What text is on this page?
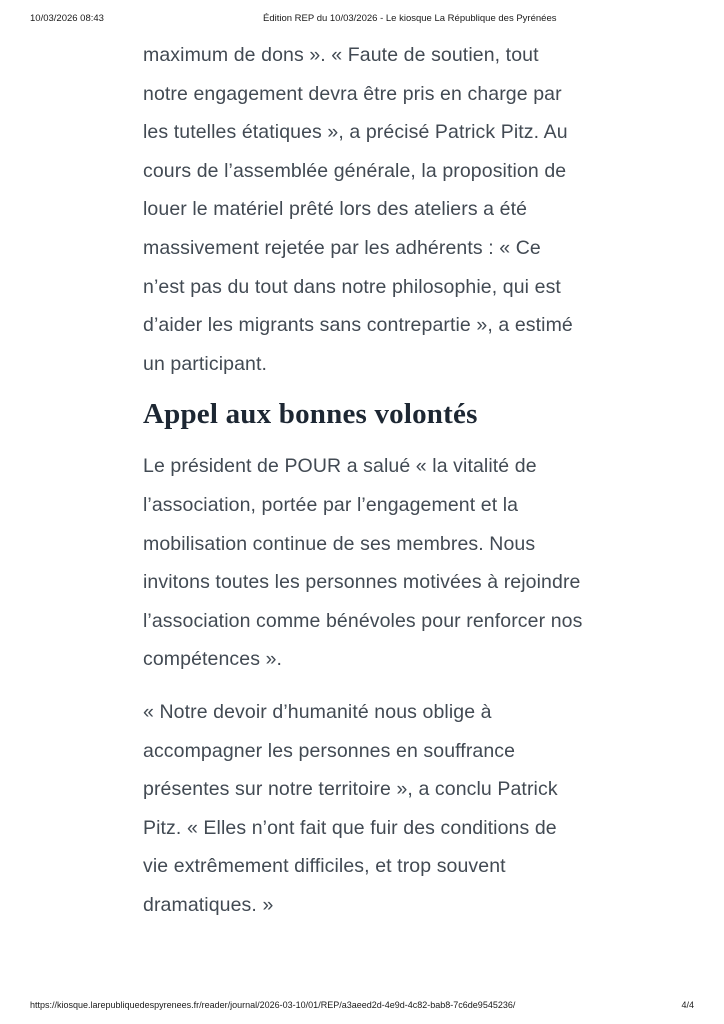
10/03/2026 08:43	Édition REP du 10/03/2026 - Le kiosque La République des Pyrénées

maximum de dons ». « Faute de soutien, tout notre engagement devra être pris en charge par les tutelles étatiques », a précisé Patrick Pitz. Au cours de l’assemblée générale, la proposition de louer le matériel prêté lors des ateliers a été massivement rejetée par les adhérents : « Ce n’est pas du tout dans notre philosophie, qui est d’aider les migrants sans contrepartie », a estimé un participant.

Appel aux bonnes volontés

Le président de POUR a salué « la vitalité de l’association, portée par l’engagement et la mobilisation continue de ses membres. Nous invitons toutes les personnes motivées à rejoindre l’association comme bénévoles pour renforcer nos compétences ».

« Notre devoir d’humanité nous oblige à accompagner les personnes en souffrance présentes sur notre territoire », a conclu Patrick Pitz. « Elles n’ont fait que fuir des conditions de vie extrêmement difficiles, et trop souvent dramatiques. »

https://kiosque.larepubliquedespyrenees.fr/reader/journal/2026-03-10/01/REP/a3aeed2d-4e9d-4c82-bab8-7c6de9545236/	4/4
